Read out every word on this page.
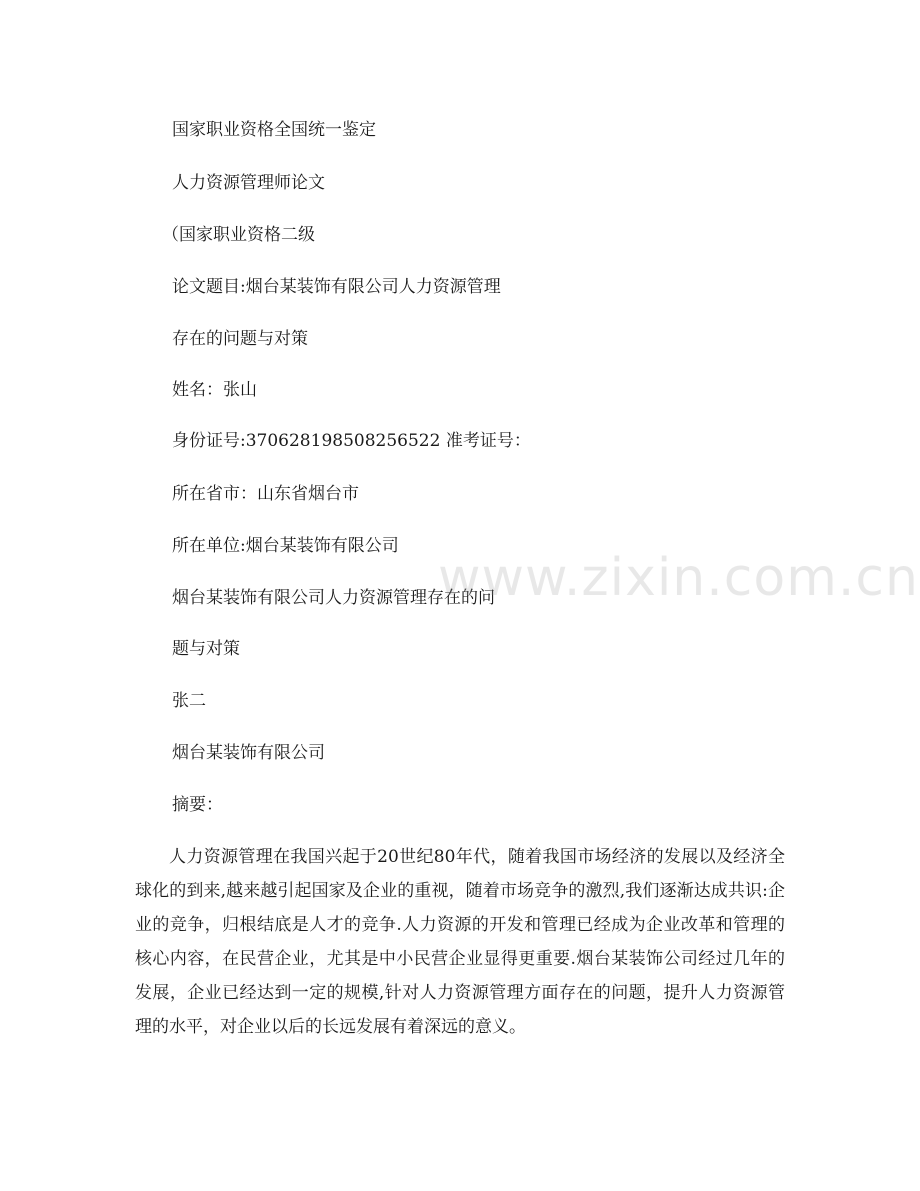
国家职业资格全国统一鉴定
人力资源管理师论文
（国家职业资格二级
论文题目:烟台某装饰有限公司人力资源管理
存在的问题与对策
姓名：张山
身份证号:370628198508256522 准考证号：
所在省市：山东省烟台市
所在单位:烟台某装饰有限公司
烟台某装饰有限公司人力资源管理存在的问
题与对策
张二
烟台某装饰有限公司
摘要：
人力资源管理在我国兴起于20世纪80年代，随着我国市场经济的发展以及经济全球化的到来,越来越引起国家及企业的重视，随着市场竞争的激烈,我们逐渐达成共识:企业的竞争，归根结底是人才的竞争.人力资源的开发和管理已经成为企业改革和管理的核心内容，在民营企业，尤其是中小民营企业显得更重要.烟台某装饰公司经过几年的发展，企业已经达到一定的规模,针对人力资源管理方面存在的问题，提升人力资源管理的水平，对企业以后的长远发展有着深远的意义。
www.zixin.com.cn
